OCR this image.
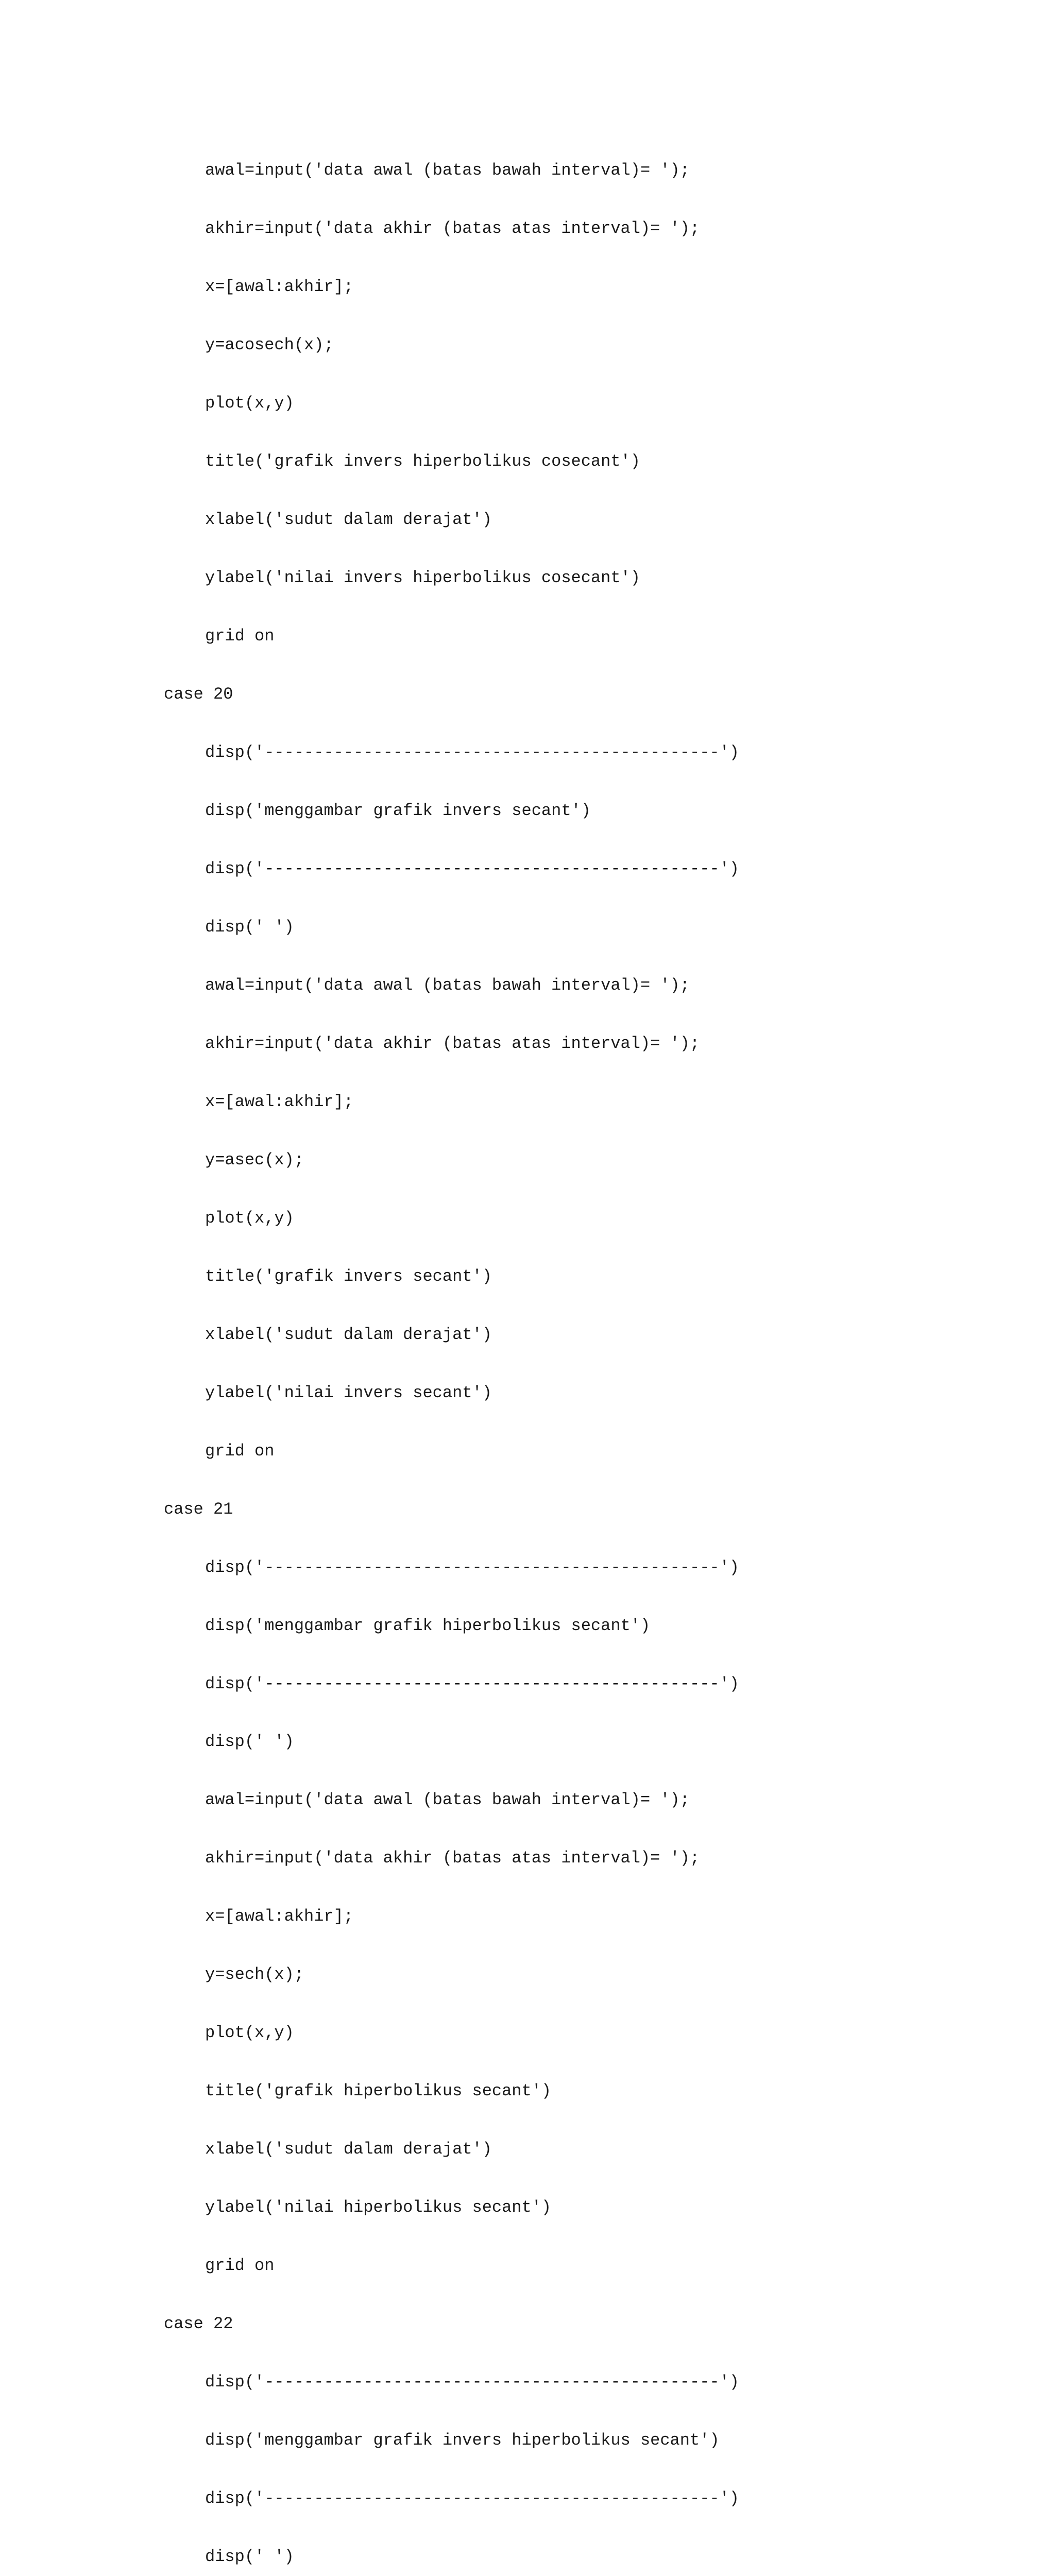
awal=input('data awal (batas bawah interval)= ');

akhir=input('data akhir (batas atas interval)= ');

x=[awal:akhir];

y=acosech(x);

plot(x,y)

title('grafik invers hiperbolikus cosecant')

xlabel('sudut dalam derajat')

ylabel('nilai invers hiperbolikus cosecant')

grid on

case 20

disp('----------------------------------------------')

disp('menggambar grafik invers secant')

disp('----------------------------------------------')

disp(' ')

awal=input('data awal (batas bawah interval)= ');

akhir=input('data akhir (batas atas interval)= ');

x=[awal:akhir];

y=asec(x);

plot(x,y)

title('grafik invers secant')

xlabel('sudut dalam derajat')

ylabel('nilai invers secant')

grid on

case 21

disp('----------------------------------------------')

disp('menggambar grafik hiperbolikus secant')

disp('----------------------------------------------')

disp(' ')

awal=input('data awal (batas bawah interval)= ');

akhir=input('data akhir (batas atas interval)= ');

x=[awal:akhir];

y=sech(x);

plot(x,y)

title('grafik hiperbolikus secant')

xlabel('sudut dalam derajat')

ylabel('nilai hiperbolikus secant')

grid on

case 22

disp('----------------------------------------------')

disp('menggambar grafik invers hiperbolikus secant')

disp('----------------------------------------------')

disp(' ')
